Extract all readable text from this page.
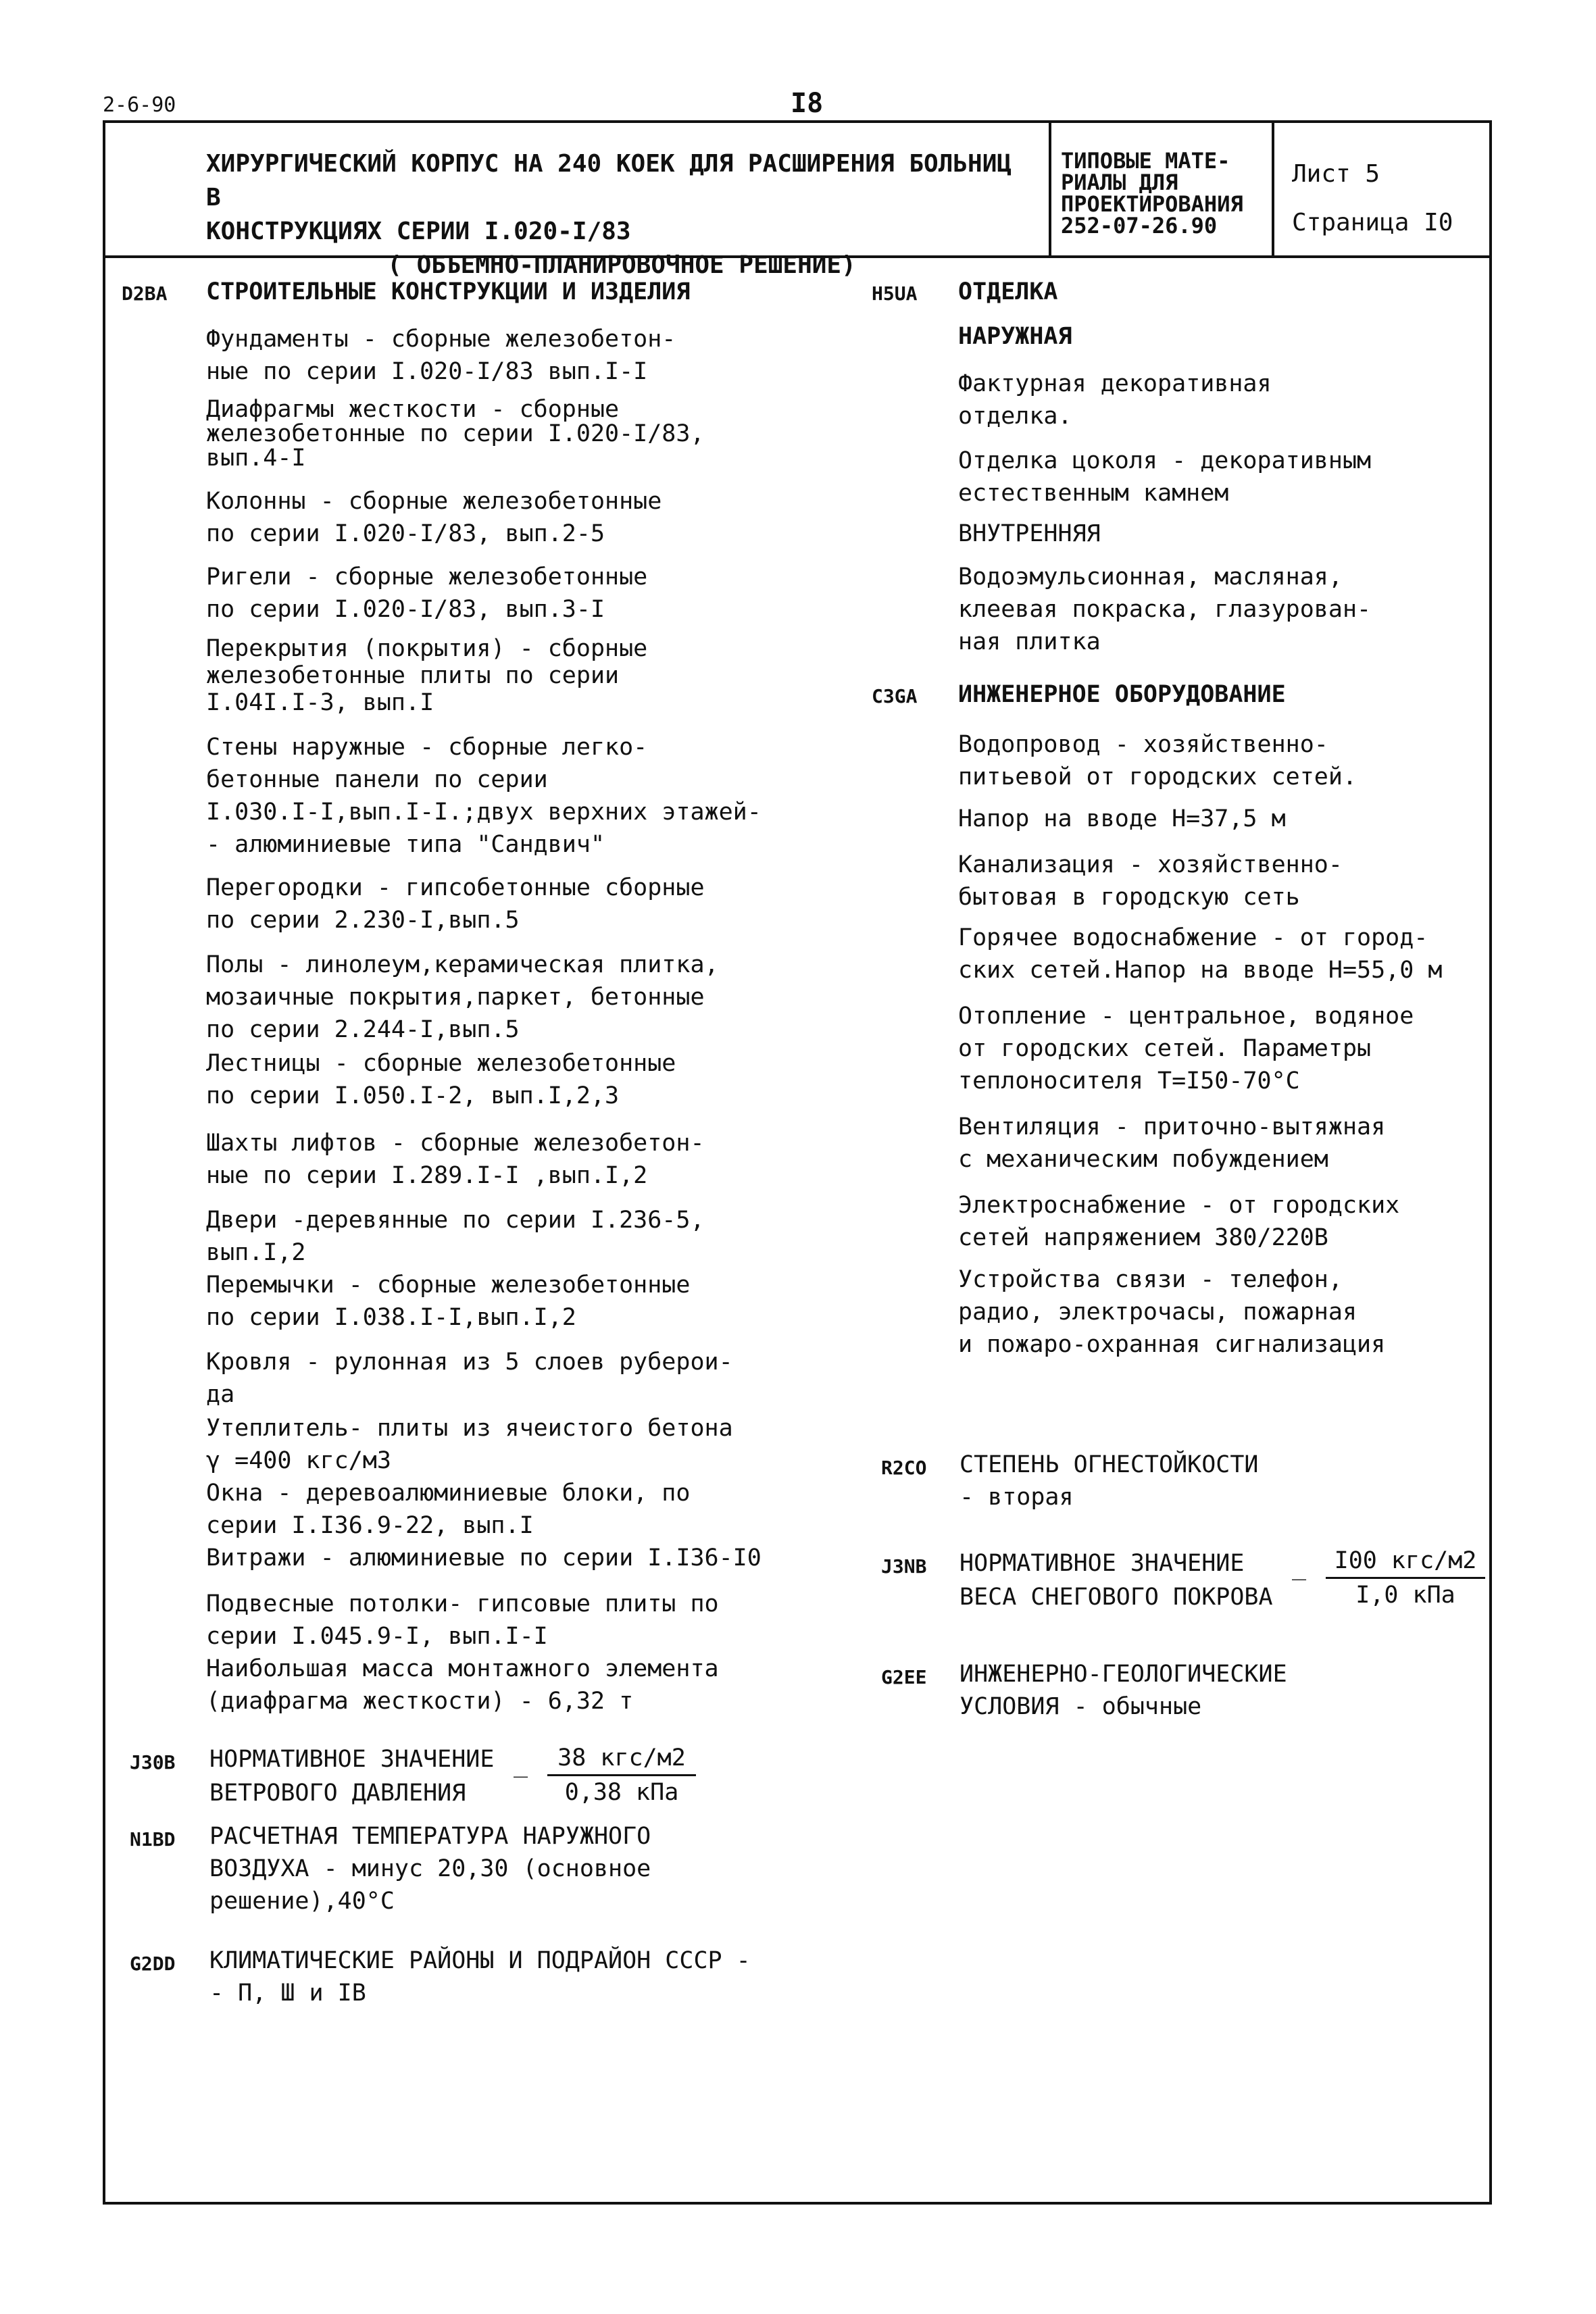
2-6-90	I8
ХИРУРГИЧЕСКИЙ КОРПУС НА 240 КОЕК ДЛЯ РАСШИРЕНИЯ БОЛЬНИЦ В
КОНСТРУКЦИЯХ СЕРИИ I.020-I/83

( ОБЪЕМНО-ПЛАНИРОВОЧНОЕ РЕШЕНИЕ)
ТИПОВЫЕ МАТЕ-
РИАЛЫ ДЛЯ
ПРОЕКТИРОВАНИЯ
252-07-26.90
Лист 5
Страница I0
D2BA СТРОИТЕЛЬНЫЕ КОНСТРУКЦИИ И ИЗДЕЛИЯ
Фундаменты - сборные железобетон-
ные по серии I.020-I/83 вып.I-I
Диафрагмы жесткости - сборные
железобетонные по серии I.020-I/83,
вып.4-I
Колонны - сборные железобетонные
по серии I.020-I/83, вып.2-5
Ригели - сборные железобетонные
по серии I.020-I/83, вып.3-I
Перекрытия (покрытия) - сборные
железобетонные плиты по серии
I.04I.I-3, вып.I
Стены наружные - сборные легко-
бетонные панели по серии
I.030.I-I,вып.I-I.;двух верхних этажей-
- алюминиевые типа "Сандвич"
Перегородки - гипсобетонные сборные
по серии 2.230-I,вып.5
Полы - линолеум,керамическая плитка,
мозаичные покрытия,паркет, бетонные
по серии 2.244-I,вып.5
Лестницы - сборные железобетонные
по серии I.050.I-2, вып.I,2,3
Шахты лифтов - сборные железобетон-
ные по серии I.289.I-I ,вып.I,2
Двери -деревянные по серии I.236-5,
вып.I,2
Перемычки - сборные железобетонные
по серии I.038.I-I,вып.I,2
Кровля - рулонная из 5 слоев руберои-
да
Утеплитель- плиты из ячеистого бетона
γ =400 кгс/м3
Окна - деревоалюминиевые блоки, по
серии I.I36.9-22, вып.I
Витражи - алюминиевые по серии I.I36-I0
Подвесные потолки- гипсовые плиты по
серии I.045.9-I, вып.I-I
Наибольшая масса монтажного элемента
(диафрагма жесткости) - 6,32 т
J30B НОРМАТИВНОЕ ЗНАЧЕНИЕ
ВЕТРОВОГО ДАВЛЕНИЯ
_	38 кгс/м2
0,38 кПа
N1BD РАСЧЕТНАЯ ТЕМПЕРАТУРА НАРУЖНОГО
ВОЗДУХА - минус 20,30 (основное
решение),40°С
G2DD КЛИМАТИЧЕСКИЕ РАЙОНЫ И ПОДРАЙОН СССР -
- П, Ш и IВ
H5UA ОТДЕЛКА
НАРУЖНАЯ
Фактурная декоративная
отделка.
Отделка цоколя - декоративным
естественным камнем
ВНУТРЕННЯЯ
Водоэмульсионная, масляная,
клеевая покраска, глазурован-
ная плитка
C3GA ИНЖЕНЕРНОЕ ОБОРУДОВАНИЕ
Водопровод - хозяйственно-
питьевой от городских сетей.
Напор на вводе Н=37,5 м
Канализация - хозяйственно-
бытовая в городскую сеть
Горячее водоснабжение - от город-
ских сетей.Напор на вводе Н=55,0 м
Отопление - центральное, водяное
от городских сетей. Параметры
теплоносителя Т=I50-70°С
Вентиляция - приточно-вытяжная
с механическим побуждением
Электроснабжение - от городских
сетей напряжением 380/220В
Устройства связи - телефон,
радио, электрочасы, пожарная
и пожаро-охранная сигнализация
R2CO СТЕПЕНЬ ОГНЕСТОЙКОСТИ
- вторая
J3NB НОРМАТИВНОЕ ЗНАЧЕНИЕ
ВЕСА СНЕГОВОГО ПОКРОВА
_	I00 кгс/м2
I,0 кПа
G2EE ИНЖЕНЕРНО-ГЕОЛОГИЧЕСКИЕ
УСЛОВИЯ - обычные
